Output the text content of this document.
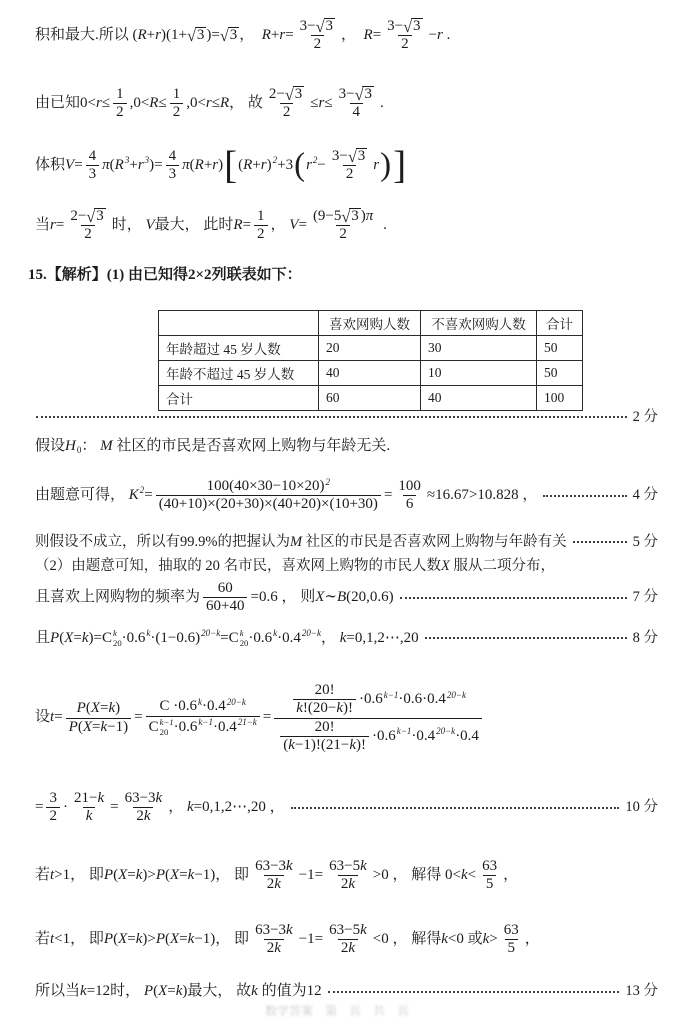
积和最大.所以 ( R + r )(1+ √ 3 )= √ 3 ， $R + r = \frac{3- √ 3}{2}$ ， $R = \frac{3- √ 3}{2} - r$ .
由已知 $0< r \le \frac{1}{2} ,0< R \le \frac{1}{2} ,0< r \le R$ ， 故 $\frac{2- √ 3}{2} \le r \le \frac{3- √ 3}{4}$ .
体积 $V = \frac{4}{3}$ π ( R 3 + r 3 )= $\frac{4}{3}$ π ( R + r ) [ ( R + r ) 2 +3 ( r $2 - \frac{3- √ 3}{2}$ r ) ]
当 $r = \frac{2- √ 3}{2}$ 时， V 最大， 此时 $R = \frac{1}{2}$ ， $V = \frac{(9-5 √ 3 ) \pi}{2}$ .
15.【解析】(1) 由已知得 2×2 列联表如下：
2 分
假设 H 0 ： M 社区的市民是否喜欢网上购物与年龄无关.
由题意可得， K $2 = \frac{100(40\times 30-10\times 20) 2}{(40+10)\times(20+30)\times(40+20)\times(10+30)} = \frac{100}{6} \approx 16.67>10.828$ ，	4 分
则假设不成立，所以有99.9%的把握认为 M 社区的市民是否喜欢网上购物与年龄有关	5 分
（2）由题意可知，抽取的 20 名市民，喜欢网上购物的市民人数 X 服从二项分布，
且喜欢上网购物的频率为 $\frac{60}{60+40} =0.6$ ， 则 X ∼ B (20,0.6)	7 分
且 P ( X = k )= C k
20 ·0.6 k ·(1−0.6) 20−k = C k
20 ·0.6 k ·0.4 20−k ， k =0,1,2⋯,20	8 分
设 $t = \frac{P ( X = k )}{P ( X = k -1)} = C \cdot 0.6$ k ·0.4 20−k
C k−1
20 ·0.6 k−1 ·0.4 $21-k = \frac{\frac{20!}{k !(20- k )!} \cdot 0.6 k-1 \cdot 0.6\cdot 0.4 20-k}{\frac{20!}{( k -1)!(21- k )!} \cdot 0.6 k-1 \cdot 0.4 20-k \cdot 0.4}$
= $\frac{3}{2} \cdot \frac{21- k}{k} = \frac{63-3 k}{2 k}$ ， k =0,1,2⋯,20 ，	10 分
若 t >1， 即 P ( X = k )> P ( X = k −1)， 即 $\frac{63-3 k}{2 k} -1= \frac{63-5 k}{2 k} >0$ ， 解得 $0< k < \frac{63}{5}$ ，
若 t <1， 即 P ( X = k )> P ( X = k −1)， 即 $\frac{63-3 k}{2 k} -1= \frac{63-5 k}{2 k} <0$ ， 解得 k <0 或 $k > \frac{63}{5}$ ，
所以当 k =12时， P ( X = k ) 最大， 故 k 的值为12	13 分
	喜欢网购人数	不喜欢网购人数	合计
年龄超过 45 岁人数	20	30	50
年龄不超过 45 岁人数	40	10	50
合计	60	40	100
数学答案　第　页　共　页
